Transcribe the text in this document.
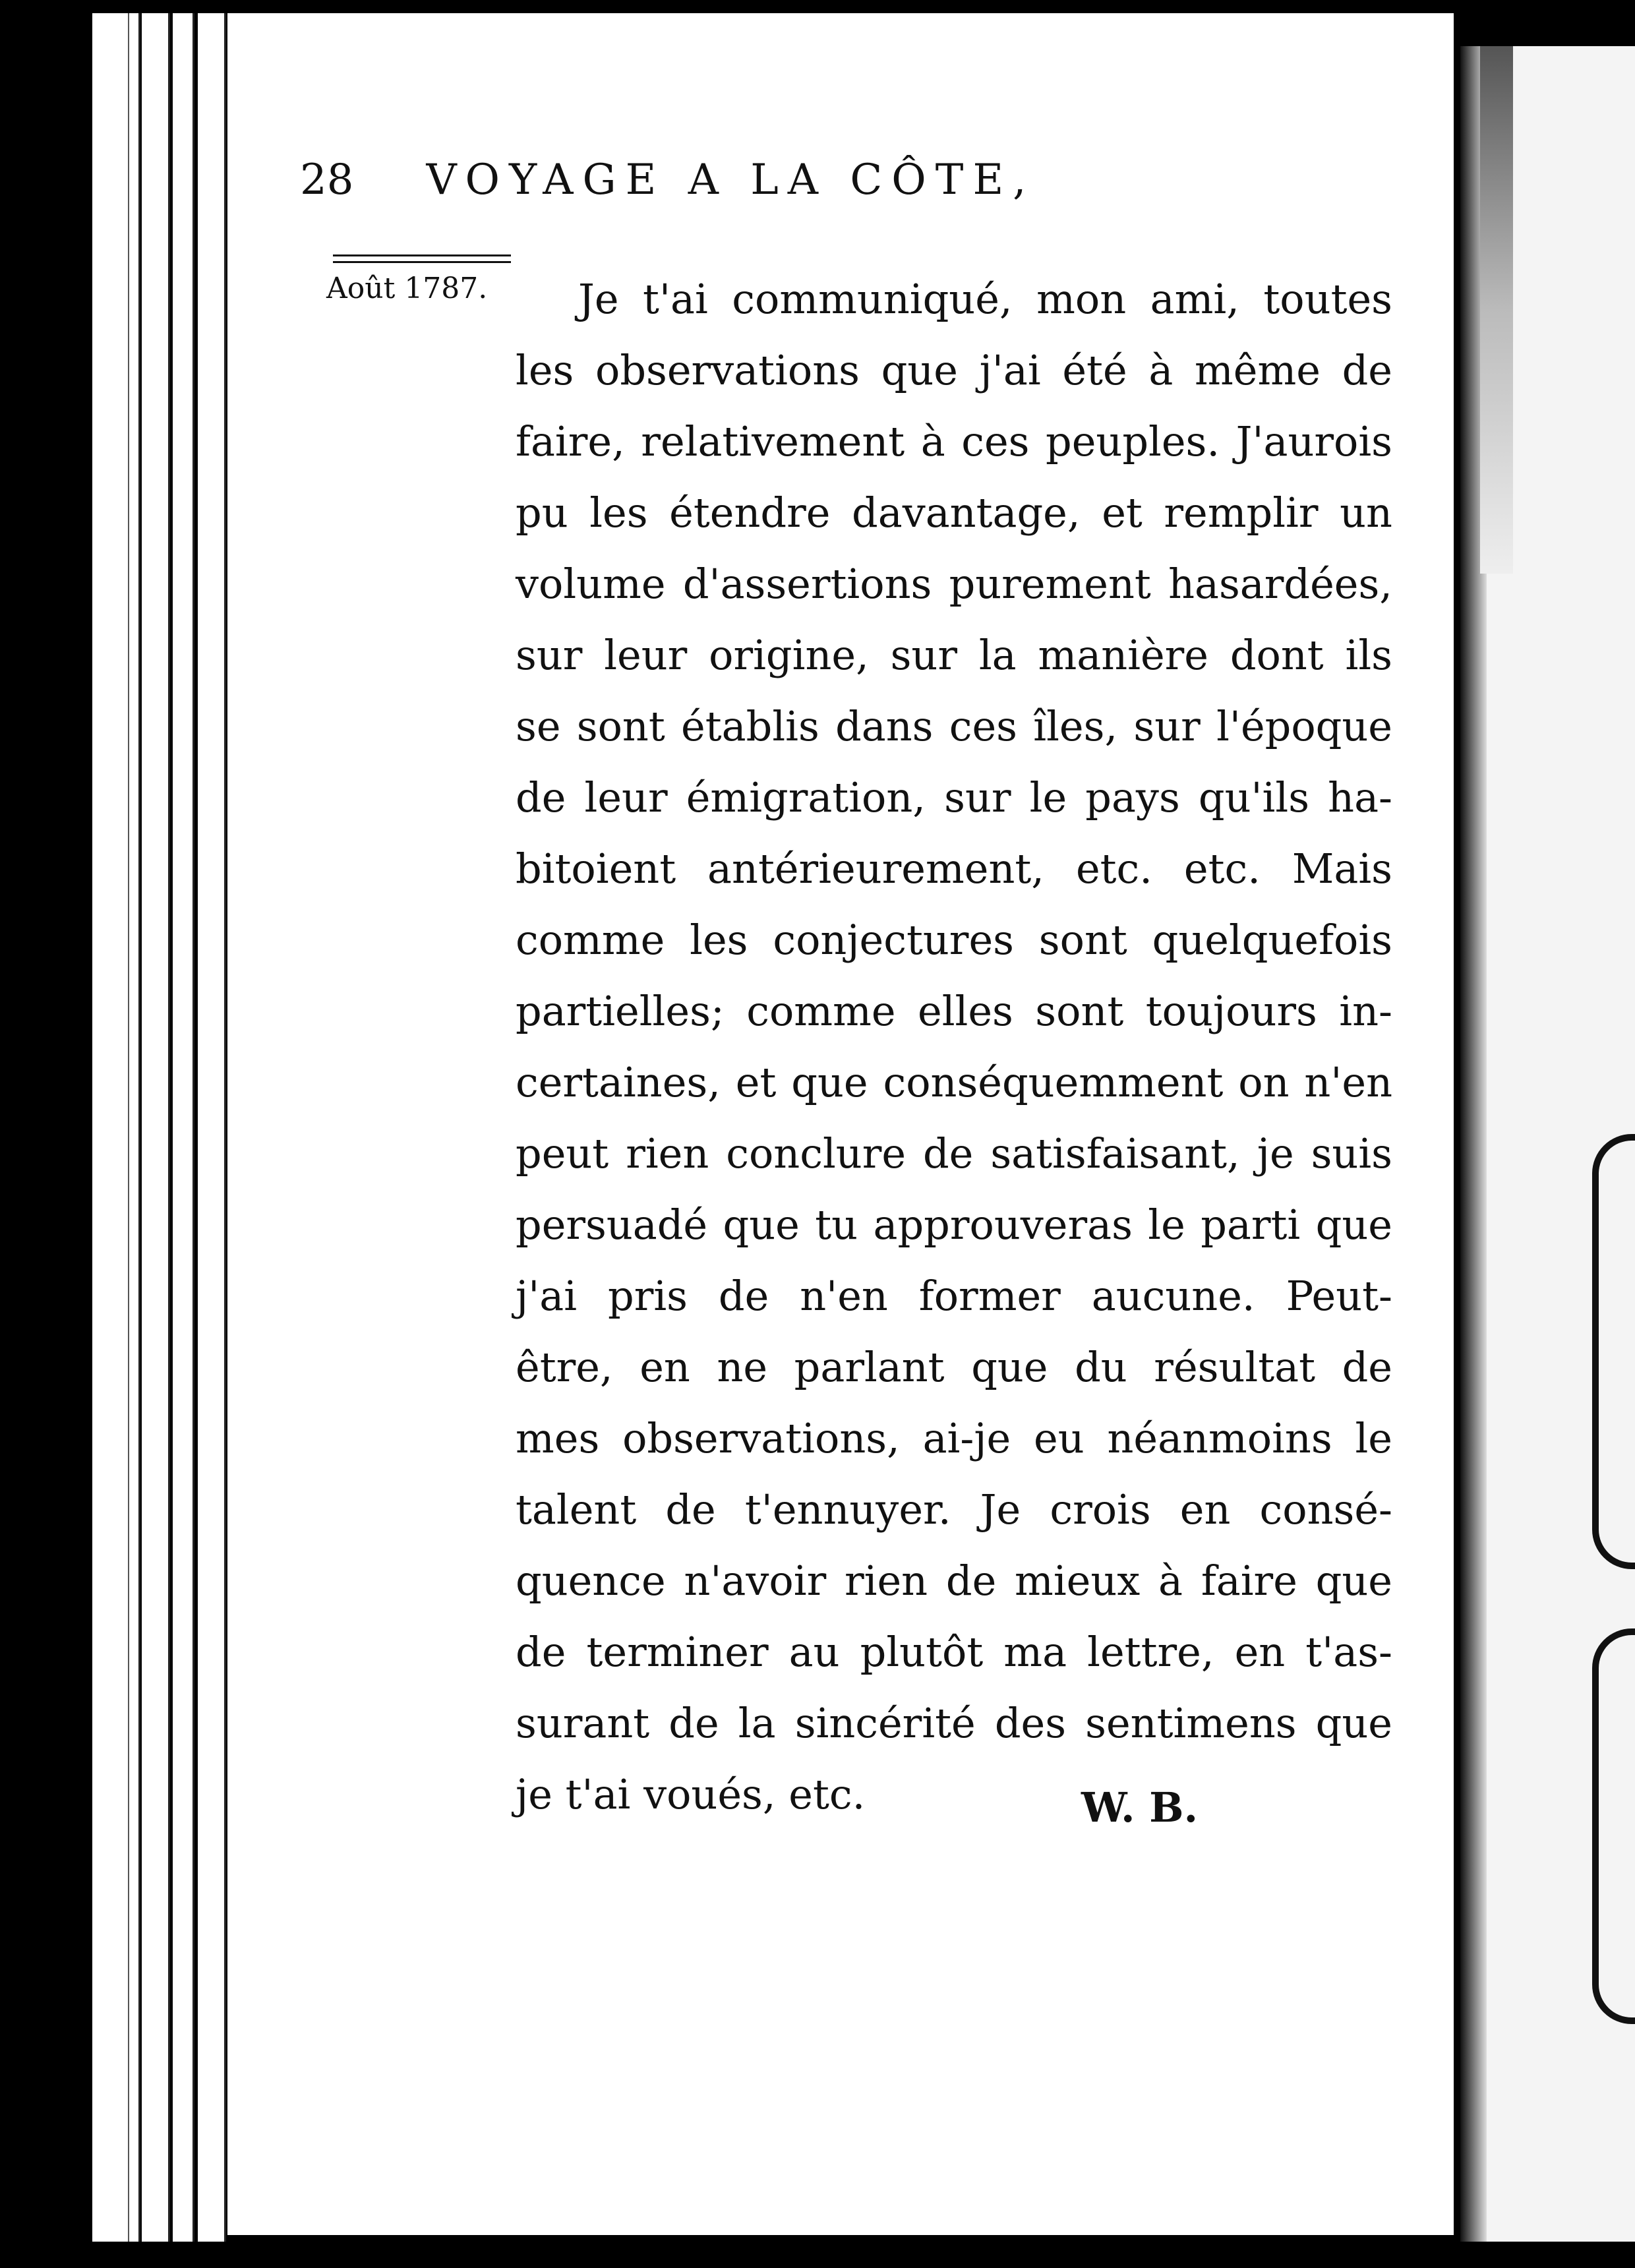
28 VOYAGE A LA CÔTE,
Août 1787.	Je t'ai communiqué, mon ami, toutes
les observations que j'ai été à même de
faire, relativement à ces peuples. J'aurois
pu les étendre davantage, et remplir un
volume d'assertions purement hasardées,
sur leur origine, sur la manière dont ils
se sont établis dans ces îles, sur l'époque
de leur émigration, sur le pays qu'ils ha-
bitoient antérieurement, etc. etc. Mais
comme les conjectures sont quelquefois
partielles; comme elles sont toujours in-
certaines, et que conséquemment on n'en
peut rien conclure de satisfaisant, je suis
persuadé que tu approuveras le parti que
j'ai pris de n'en former aucune. Peut-
être, en ne parlant que du résultat de
mes observations, ai-je eu néanmoins le
talent de t'ennuyer. Je crois en consé-
quence n'avoir rien de mieux à faire que
de terminer au plutôt ma lettre, en t'as-
surant de la sincérité des sentimens que
je t'ai voués, etc.	W. B.
